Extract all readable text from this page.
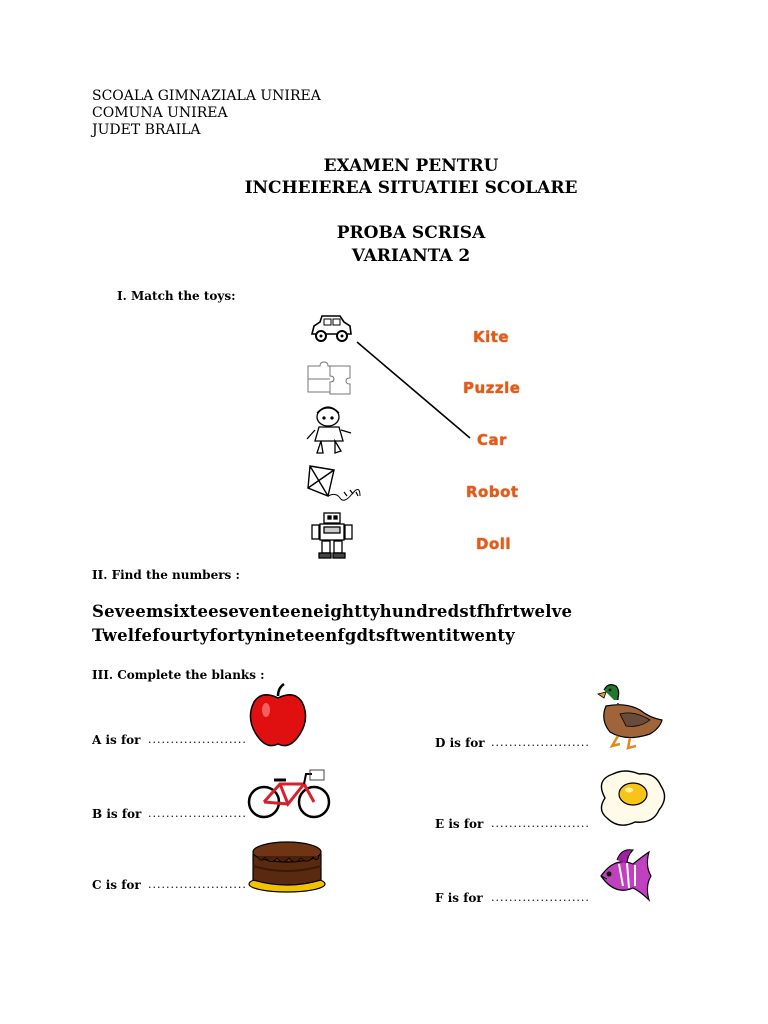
SCOALA GIMNAZIALA UNIREA
COMUNA UNIREA
JUDET BRAILA
EXAMEN PENTRU
INCHEIEREA SITUATIEI SCOLARE
PROBA SCRISA
VARIANTA 2
I. Match the toys:
Kite
Puzzle
Car
Robot
Doll
II. Find the numbers :
Seveemsixteeseventeeneighttyhundredstfhfrtwelve
Twelfefourtyfortynineteenfgdtsftwentitwenty
III. Complete the blanks :
A is for ......................
B is for ......................
C is for ......................
D is for ......................
E is for ......................
F is for ......................
